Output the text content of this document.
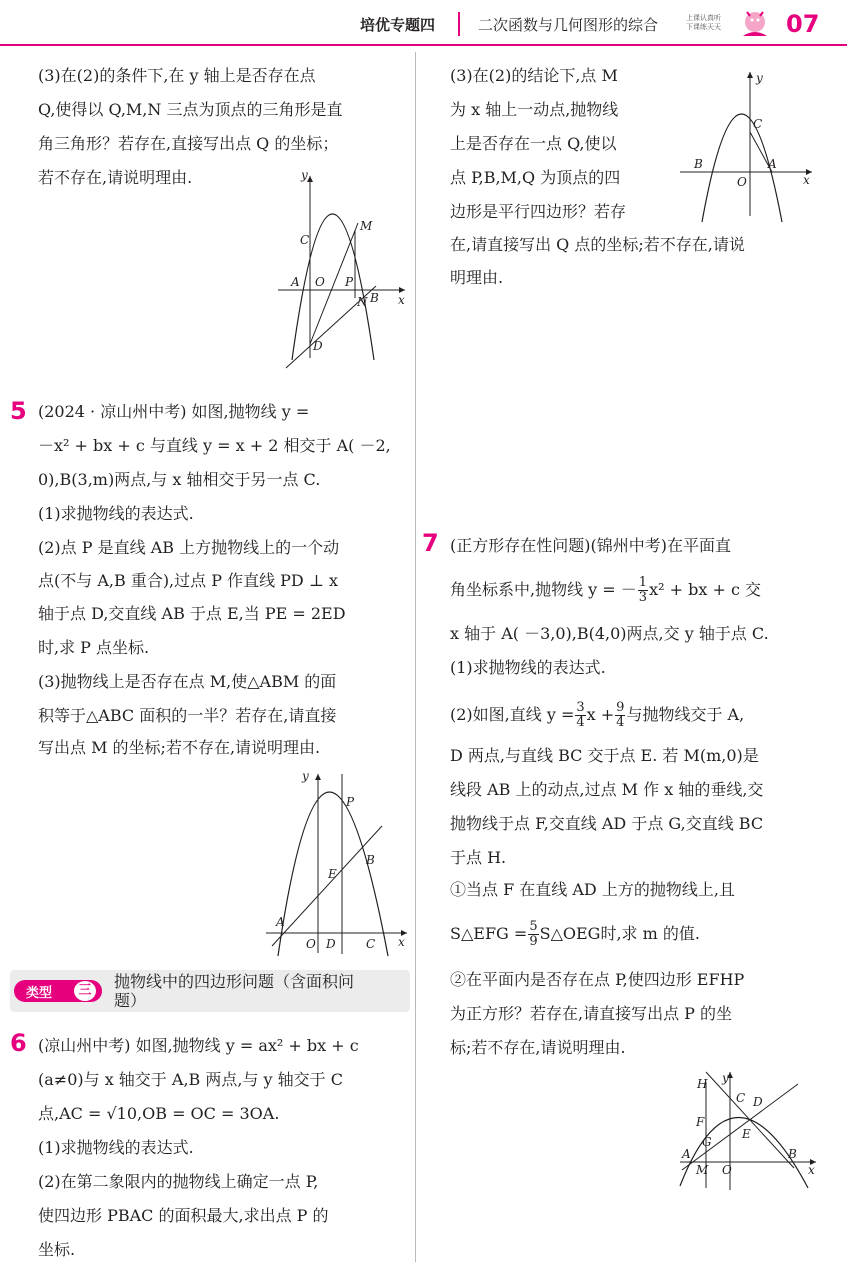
培优专题四	二次函数与几何图形的综合	上课认真听
下课练天天	07
(3)在(2)的条件下,在 y 轴上是否存在点
Q,使得以 Q,M,N 三点为顶点的三角形是直
角三角形？若存在,直接写出点 Q 的坐标；
若不存在,请说明理由.	y
x
C
M
A O P
B
N
D
5 (2024 · 凉山州中考) 如图,抛物线 y =
－x² + bx + c 与直线 y = x + 2 相交于 A( －2,
0),B(3,m)两点,与 x 轴相交于另一点 C.
(1)求抛物线的表达式.
(2)点 P 是直线 AB 上方抛物线上的一个动
点(不与 A,B 重合),过点 P 作直线 PD ⊥ x
轴于点 D,交直线 AB 于点 E,当 PE = 2ED
时,求 P 点坐标.
(3)抛物线上是否存在点 M,使△ABM 的面
积等于△ABC 面积的一半？若存在,请直接
写出点 M 的坐标;若不存在,请说明理由.
y
x
P
B
E
A
O D	C
类型	三 抛物线中的四边形问题（含面积问
题）
6 (凉山州中考) 如图,抛物线 y = ax² + bx + c
(a≠0)与 x 轴交于 A,B 两点,与 y 轴交于 C
点,AC = √10,OB = OC = 3OA.
(1)求抛物线的表达式.
(2)在第二象限内的抛物线上确定一点 P,
使四边形 PBAC 的面积最大,求出点 P 的
坐标.
(3)在(2)的结论下,点 M
为 x 轴上一动点,抛物线
上是否存在一点 Q,使以
点 P,B,M,Q 为顶点的四
边形是平行四边形？若存
在,请直接写出 Q 点的坐标;若不存在,请说
明理由.
y
x
C
B	A
O
7 (正方形存在性问题)(锦州中考)在平面直
角坐标系中,抛物线 y = － $\frac{1}{3} x^2$ + bx + c 交
x 轴于 A( －3,0),B(4,0)两点,交 y 轴于点 C.
(1)求抛物线的表达式.
(2)如图,直线 $y = \frac{3}{4}$ $x + \frac{9}{4}$ 与抛物线交于 A,
D 两点,与直线 BC 交于点 E. 若 M(m,0)是
线段 AB 上的动点,过点 M 作 x 轴的垂线,交
抛物线于点 F,交直线 AD 于点 G,交直线 BC
于点 H.
①当点 F 在直线 AD 上方的抛物线上,且
S△EFG = $\frac{5}{9}$ S△OEG时,求 m 的值.
②在平面内是否存在点 P,使四边形 EFHP
为正方形？若存在,请直接写出点 P 的坐
标;若不存在,请说明理由.
H y
C D
F
E
G
A
M O
B
x
